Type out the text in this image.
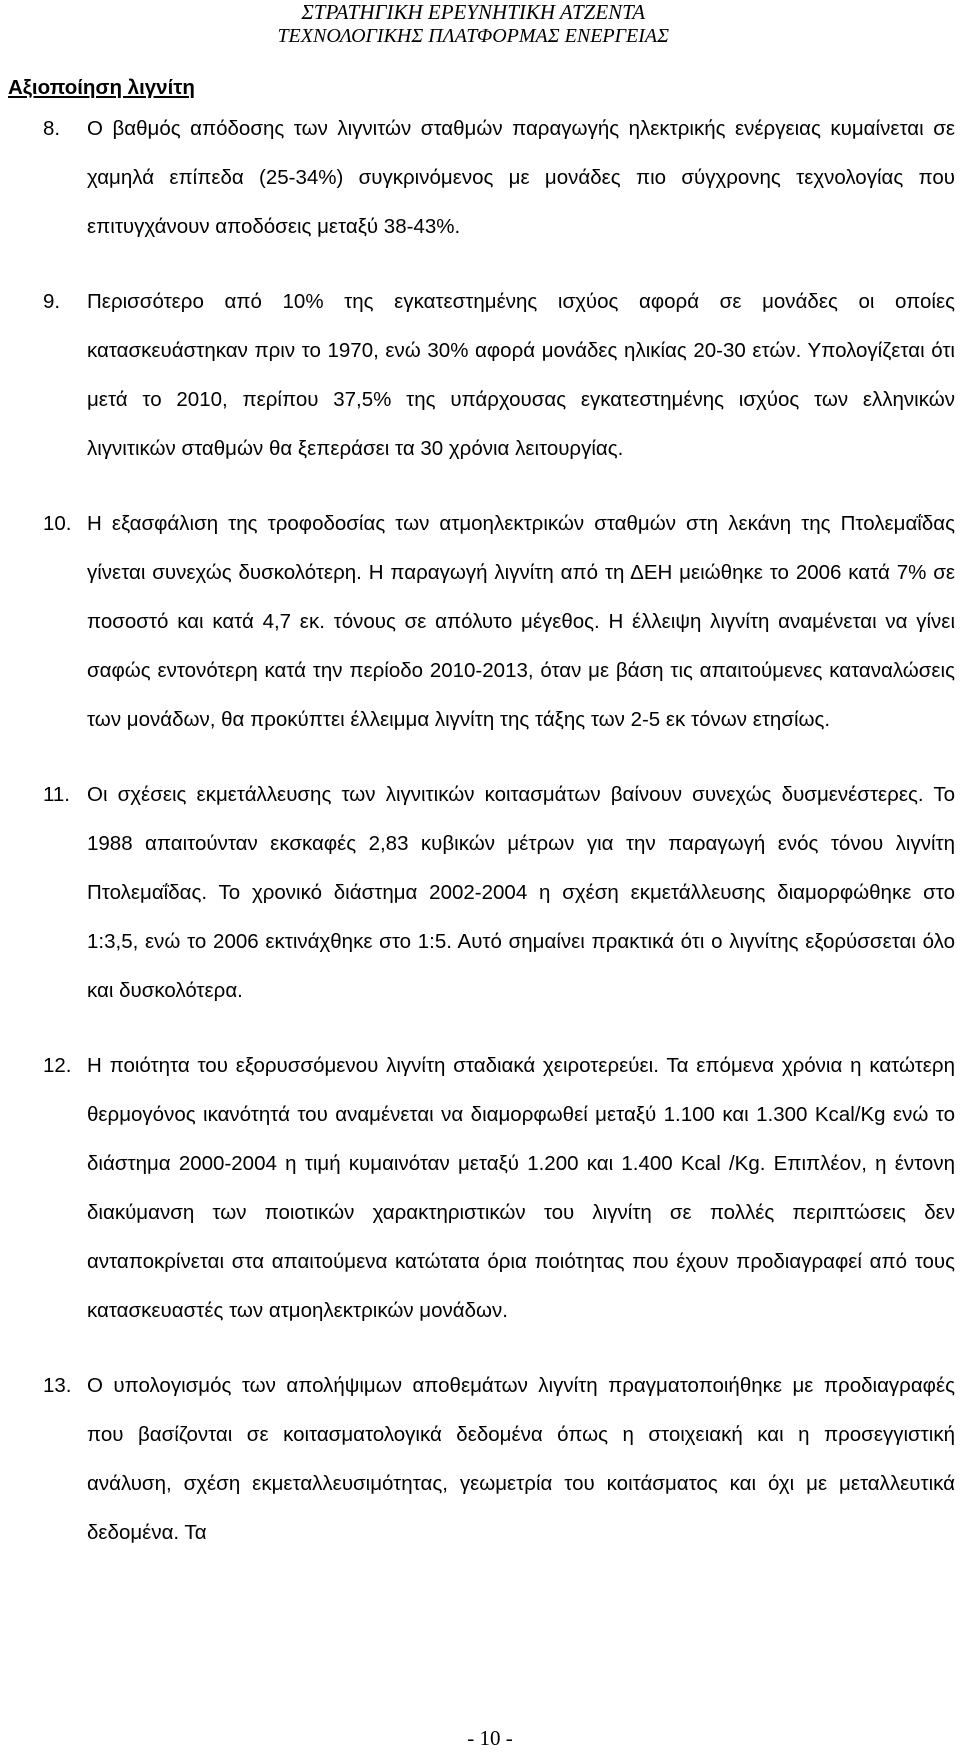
ΣΤΡΑΤΗΓΙΚΗ ΕΡΕΥΝΗΤΙΚΗ ΑΤΖΕΝΤΑ
ΤΕΧΝΟΛΟΓΙΚΗΣ ΠΛΑΤΦΟΡΜΑΣ ΕΝΕΡΓΕΙΑΣ
Αξιοποίηση λιγνίτη
8.	Ο βαθμός απόδοσης των λιγνιτών σταθμών παραγωγής ηλεκτρικής ενέργειας κυμαίνεται σε χαμηλά επίπεδα (25-34%) συγκρινόμενος με μονάδες πιο σύγχρονης τεχνολογίας που επιτυγχάνουν αποδόσεις μεταξύ 38-43%.

9.	Περισσότερο από 10% της εγκατεστημένης ισχύος αφορά σε μονάδες οι οποίες κατασκευάστηκαν πριν το 1970, ενώ 30% αφορά μονάδες ηλικίας 20-30 ετών. Υπολογίζεται ότι μετά το 2010, περίπου 37,5% της υπάρχουσας εγκατεστημένης ισχύος των ελληνικών λιγνιτικών σταθμών θα ξεπεράσει τα 30 χρόνια λειτουργίας.

10. Η εξασφάλιση της τροφοδοσίας των ατμοηλεκτρικών σταθμών στη λεκάνη της Πτολεμαΐδας γίνεται συνεχώς δυσκολότερη. Η παραγωγή λιγνίτη από τη ΔΕΗ μειώθηκε το 2006 κατά 7% σε ποσοστό και κατά 4,7 εκ. τόνους σε απόλυτο μέγεθος. Η έλλειψη λιγνίτη αναμένεται να γίνει σαφώς εντονότερη κατά την περίοδο 2010-2013, όταν με βάση τις απαιτούμενες καταναλώσεις των μονάδων, θα προκύπτει έλλειμμα λιγνίτη της τάξης των 2-5 εκ τόνων ετησίως.

11. Οι σχέσεις εκμετάλλευσης των λιγνιτικών κοιτασμάτων βαίνουν συνεχώς δυσμενέστερες. Το 1988 απαιτούνταν εκσκαφές 2,83 κυβικών μέτρων για την παραγωγή ενός τόνου λιγνίτη Πτολεμαΐδας. Το χρονικό διάστημα 2002-2004 η σχέση εκμετάλλευσης διαμορφώθηκε στο 1:3,5, ενώ το 2006 εκτινάχθηκε στο 1:5. Αυτό σημαίνει πρακτικά ότι ο λιγνίτης εξορύσσεται όλο και δυσκολότερα.

12. Η ποιότητα του εξορυσσόμενου λιγνίτη σταδιακά χειροτερεύει. Τα επόμενα χρόνια η κατώτερη θερμογόνος ικανότητά του αναμένεται να διαμορφωθεί μεταξύ 1.100 και 1.300 Kcal/Kg ενώ το διάστημα 2000-2004 η τιμή κυμαινόταν μεταξύ 1.200 και 1.400 Kcal /Kg. Επιπλέον, η έντονη διακύμανση των ποιοτικών χαρακτηριστικών του λιγνίτη σε πολλές περιπτώσεις δεν ανταποκρίνεται στα απαιτούμενα κατώτατα όρια ποιότητας που έχουν προδιαγραφεί από τους κατασκευαστές των ατμοηλεκτρικών μονάδων.

13. Ο υπολογισμός των απολήψιμων αποθεμάτων λιγνίτη πραγματοποιήθηκε με προδιαγραφές που βασίζονται σε κοιτασματολογικά δεδομένα όπως η στοιχειακή και η προσεγγιστική ανάλυση, σχέση εκμεταλλευσιμότητας, γεωμετρία του κοιτάσματος και όχι με μεταλλευτικά δεδομένα. Τα

- 10 -
